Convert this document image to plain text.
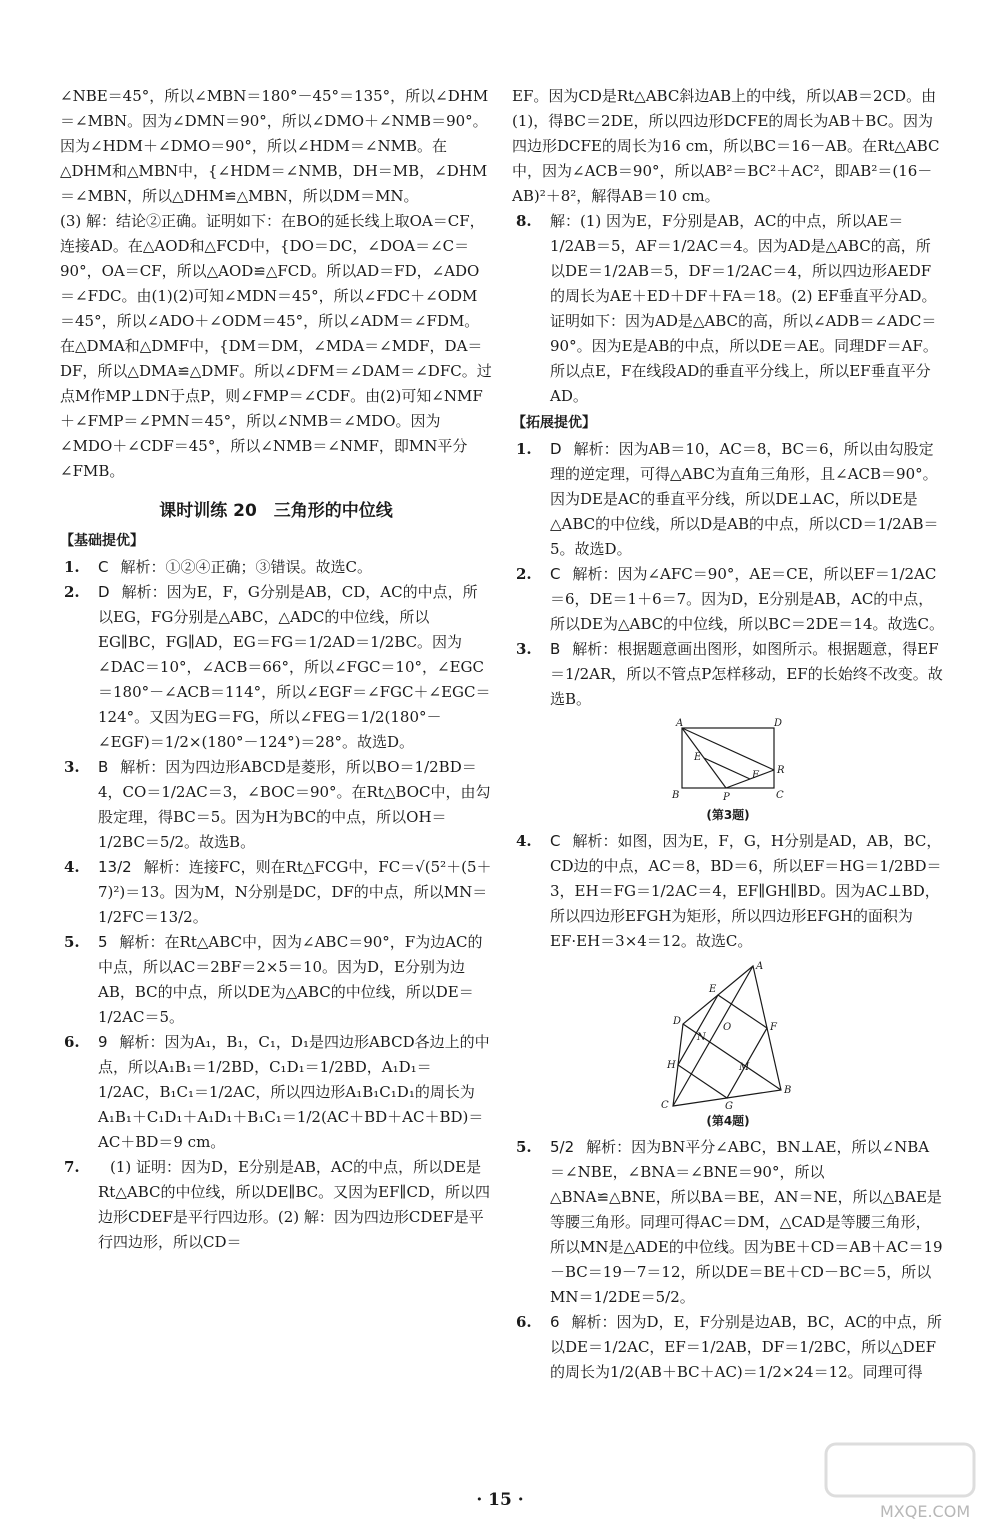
∠NBE＝45°，所以∠MBN＝180°－45°＝135°，所以∠DHM＝∠MBN。因为∠DMN＝90°，所以∠DMO＋∠NMB＝90°。因为∠HDM＋∠DMO＝90°，所以∠HDM＝∠NMB。在△DHM和△MBN中，{∠HDM＝∠NMB，DH＝MB，∠DHM＝∠MBN，所以△DHM≌△MBN，所以DM＝MN。

(3) 解：结论②正确。证明如下：在BO的延长线上取OA＝CF，连接AD。在△AOD和△FCD中，{DO＝DC，∠DOA＝∠C＝90°，OA＝CF，所以△AOD≌△FCD。所以AD＝FD，∠ADO＝∠FDC。由(1)(2)可知∠MDN＝45°，所以∠FDC＋∠ODM＝45°，所以∠ADO＋∠ODM＝45°，所以∠ADM＝∠FDM。在△DMA和△DMF中，{DM＝DM，∠MDA＝∠MDF，DA＝DF，所以△DMA≌△DMF。所以∠DFM＝∠DAM＝∠DFC。过点M作MP⊥DN于点P，则∠FMP＝∠CDF。由(2)可知∠NMF＋∠FMP＝∠PMN＝45°，所以∠NMB＝∠MDO。因为∠MDO＋∠CDF＝45°，所以∠NMB＝∠NMF，即MN平分∠FMB。

课时训练 20　三角形的中位线
【基础提优】
1.	C 解析：①②④正确；③错误。故选C。
2.	D 解析：因为E，F，G分别是AB，CD，AC的中点，所以EG，FG分别是△ABC，△ADC的中位线，所以EG∥BC，FG∥AD，EG＝FG＝1/2AD＝1/2BC。因为∠DAC＝10°，∠ACB＝66°，所以∠FGC＝10°，∠EGC＝180°－∠ACB＝114°，所以∠EGF＝∠FGC＋∠EGC＝124°。又因为EG＝FG，所以∠FEG＝1/2(180°－∠EGF)＝1/2×(180°－124°)＝28°。故选D。
3.	B 解析：因为四边形ABCD是菱形，所以BO＝1/2BD＝4，CO＝1/2AC＝3，∠BOC＝90°。在Rt△BOC中，由勾股定理，得BC＝5。因为H为BC的中点，所以OH＝1/2BC＝5/2。故选B。
4.	13/2 解析：连接FC，则在Rt△FCG中，FC＝√(5²＋(5＋7)²)＝13。因为M，N分别是DC，DF的中点，所以MN＝1/2FC＝13/2。
5.	5 解析：在Rt△ABC中，因为∠ABC＝90°，F为边AC的中点，所以AC＝2BF＝2×5＝10。因为D，E分别为边AB，BC的中点，所以DE为△ABC的中位线，所以DE＝1/2AC＝5。
6.	9 解析：因为A₁，B₁，C₁，D₁是四边形ABCD各边上的中点，所以A₁B₁＝1/2BD，C₁D₁＝1/2BD，A₁D₁＝1/2AC，B₁C₁＝1/2AC，所以四边形A₁B₁C₁D₁的周长为A₁B₁＋C₁D₁＋A₁D₁＋B₁C₁＝1/2(AC＋BD＋AC＋BD)＝AC＋BD＝9 cm。
7.	(1) 证明：因为D，E分别是AB，AC的中点，所以DE是Rt△ABC的中位线，所以DE∥BC。又因为EF∥CD，所以四边形CDEF是平行四边形。(2) 解：因为四边形CDEF是平行四边形，所以CD＝

EF。因为CD是Rt△ABC斜边AB上的中线，所以AB＝2CD。由(1)，得BC＝2DE，所以四边形DCFE的周长为AB＋BC。因为四边形DCFE的周长为16 cm，所以BC＝16－AB。在Rt△ABC中，因为∠ACB＝90°，所以AB²＝BC²＋AC²，即AB²＝(16－AB)²＋8²，解得AB＝10 cm。

8.	解：(1) 因为E，F分别是AB，AC的中点，所以AE＝1/2AB＝5，AF＝1/2AC＝4。因为AD是△ABC的高，所以DE＝1/2AB＝5，DF＝1/2AC＝4，所以四边形AEDF的周长为AE＋ED＋DF＋FA＝18。(2) EF垂直平分AD。证明如下：因为AD是△ABC的高，所以∠ADB＝∠ADC＝90°。因为E是AB的中点，所以DE＝AE。同理DF＝AF。所以点E，F在线段AD的垂直平分线上，所以EF垂直平分AD。
【拓展提优】
1.	D 解析：因为AB＝10，AC＝8，BC＝6，所以由勾股定理的逆定理，可得△ABC为直角三角形，且∠ACB＝90°。因为DE是AC的垂直平分线，所以DE⊥AC，所以DE是△ABC的中位线，所以D是AB的中点，所以CD＝1/2AB＝5。故选D。
2.	C 解析：因为∠AFC＝90°，AE＝CE，所以EF＝1/2AC＝6，DE＝1＋6＝7。因为D，E分别是AB，AC的中点，所以DE为△ABC的中位线，所以BC＝2DE＝14。故选C。
3.	B 解析：根据题意画出图形，如图所示。根据题意，得EF＝1/2AR，所以不管点P怎样移动，EF的长始终不改变。故选B。
A	D
E
R
F
B	P	C
(第3题)
4.	C 解析：如图，因为E，F，G，H分别是AD，AB，BC，CD边的中点，AC＝8，BD＝6，所以EF＝HG＝1/2BD＝3，EH＝FG＝1/2AC＝4，EF∥GH∥BD。因为AC⊥BD，所以四边形EFGH为矩形，所以四边形EFGH的面积为EF·EH＝3×4＝12。故选C。
A
E
D
F
O
N
H	M
B
G
C
(第4题)
5.	5/2 解析：因为BN平分∠ABC，BN⊥AE，所以∠NBA＝∠NBE，∠BNA＝∠BNE＝90°，所以△BNA≌△BNE，所以BA＝BE，AN＝NE，所以△BAE是等腰三角形。同理可得AC＝DM，△CAD是等腰三角形，所以MN是△ADE的中位线。因为BE＋CD＝AB＋AC＝19－BC＝19－7＝12，所以DE＝BE＋CD－BC＝5，所以MN＝1/2DE＝5/2。
6.	6 解析：因为D，E，F分别是边AB，BC，AC的中点，所以DE＝1/2AC，EF＝1/2AB，DF＝1/2BC，所以△DEF的周长为1/2(AB＋BC＋AC)＝1/2×24＝12。同理可得
· 15 ·
MXQE.COM
